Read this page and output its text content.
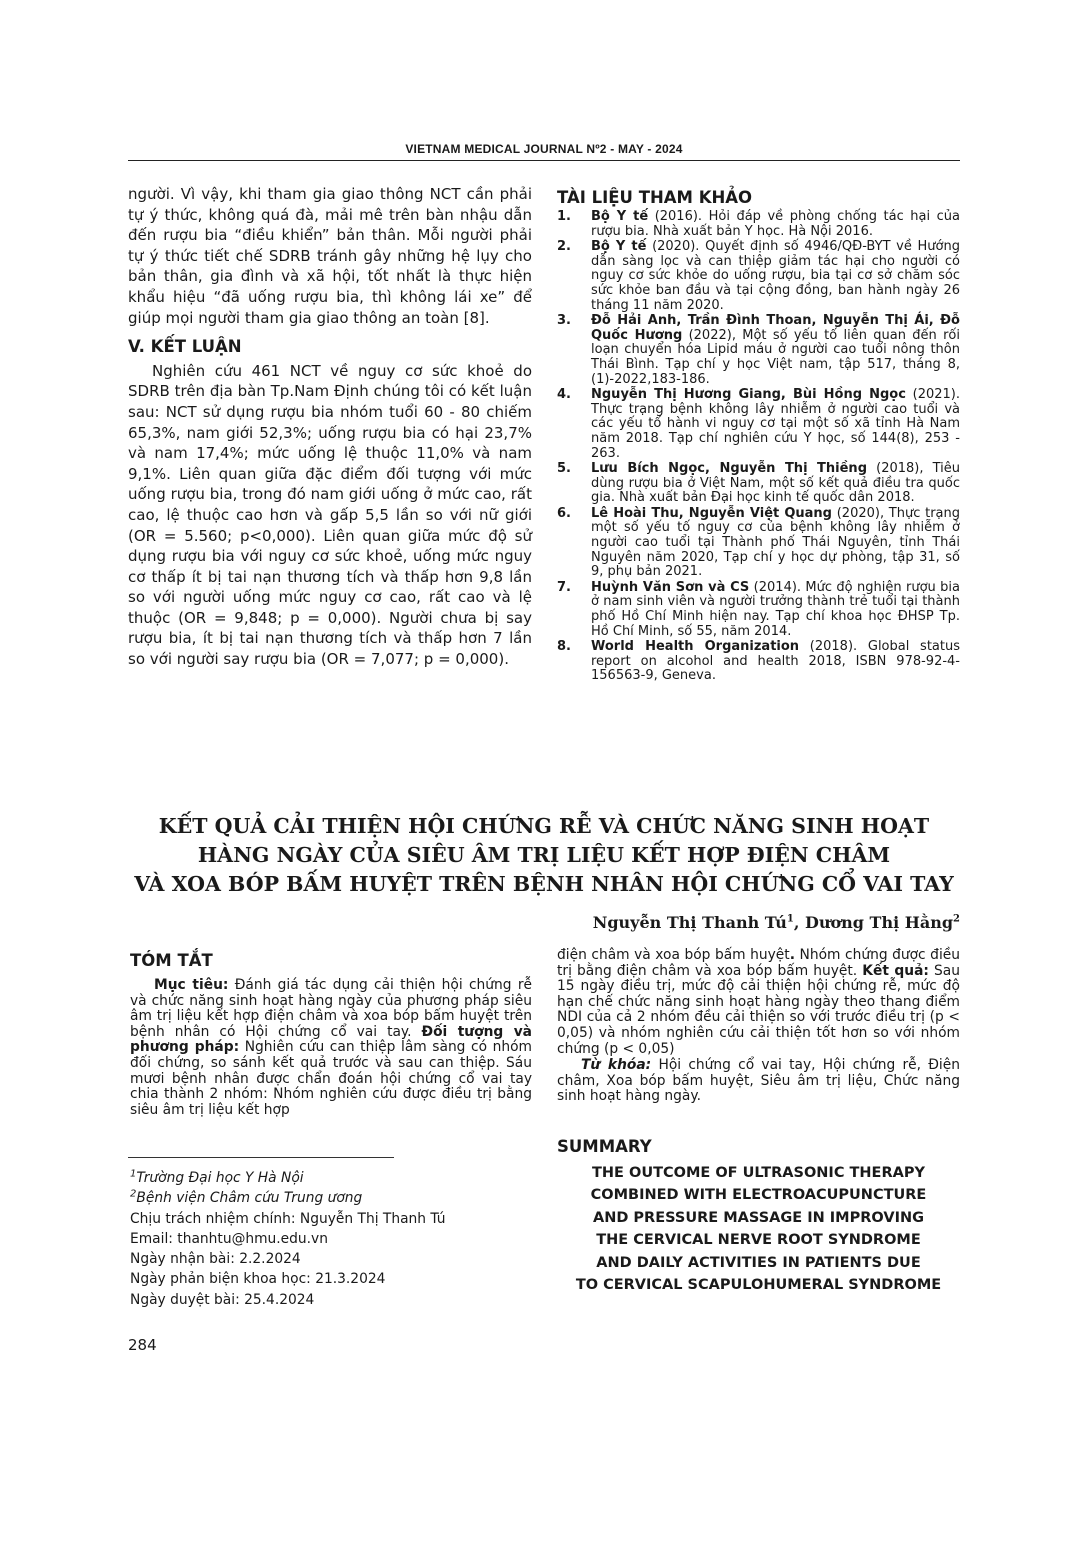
VIETNAM MEDICAL JOURNAL Nº2 - MAY - 2024

người. Vì vậy, khi tham gia giao thông NCT cần phải tự ý thức, không quá đà, mải mê trên bàn nhậu dẫn đến rượu bia “điều khiển” bản thân. Mỗi người phải tự ý thức tiết chế SDRB tránh gây những hệ lụy cho bản thân, gia đình và xã hội, tốt nhất là thực hiện khẩu hiệu “đã uống rượu bia, thì không lái xe” để giúp mọi người tham gia giao thông an toàn [8].

V. KẾT LUẬN

Nghiên cứu 461 NCT về nguy cơ sức khoẻ do SDRB trên địa bàn Tp.Nam Định chúng tôi có kết luận sau: NCT sử dụng rượu bia nhóm tuổi 60 - 80 chiếm 65,3%, nam giới 52,3%; uống rượu bia có hại 23,7% và nam 17,4%; mức uống lệ thuộc 11,0% và nam 9,1%. Liên quan giữa đặc điểm đối tượng với mức uống rượu bia, trong đó nam giới uống ở mức cao, rất cao, lệ thuộc cao hơn và gấp 5,5 lần so với nữ giới (OR = 5.560; p<0,000). Liên quan giữa mức độ sử dụng rượu bia với nguy cơ sức khoẻ, uống mức nguy cơ thấp ít bị tai nạn thương tích và thấp hơn 9,8 lần so với người uống mức nguy cơ cao, rất cao và lệ thuộc (OR = 9,848; p = 0,000). Người chưa bị say rượu bia, ít bị tai nạn thương tích và thấp hơn 7 lần so với người say rượu bia (OR = 7,077; p = 0,000).

TÀI LIỆU THAM KHẢO
1. Bộ Y tế (2016). Hỏi đáp về phòng chống tác hại của rượu bia. Nhà xuất bản Y học. Hà Nội 2016.
2. Bộ Y tế (2020). Quyết định số 4946/QĐ-BYT về Hướng dẫn sàng lọc và can thiệp giảm tác hại cho người có nguy cơ sức khỏe do uống rượu, bia tại cơ sở chăm sóc sức khỏe ban đầu và tại cộng đồng, ban hành ngày 26 tháng 11 năm 2020.
3. Đỗ Hải Anh, Trần Đình Thoan, Nguyễn Thị Ái, Đỗ Quốc Hương (2022), Một số yếu tố liên quan đến rối loạn chuyển hóa Lipid máu ở người cao tuổi nông thôn Thái Bình. Tạp chí y học Việt nam, tập 517, tháng 8, (1)-2022,183-186.
4. Nguyễn Thị Hương Giang, Bùi Hồng Ngọc (2021). Thực trạng bệnh không lây nhiễm ở người cao tuổi và các yếu tố hành vi nguy cơ tại một số xã tỉnh Hà Nam năm 2018. Tạp chí nghiên cứu Y học, số 144(8), 253 - 263.
5. Lưu Bích Ngọc, Nguyễn Thị Thiềng (2018), Tiêu dùng rượu bia ở Việt Nam, một số kết quả điều tra quốc gia. Nhà xuất bản Đại học kinh tế quốc dân 2018.
6. Lê Hoài Thu, Nguyễn Việt Quang (2020), Thực trạng một số yếu tố nguy cơ của bệnh không lây nhiễm ở người cao tuổi tại Thành phố Thái Nguyên, tỉnh Thái Nguyên năm 2020, Tạp chí y học dự phòng, tập 31, số 9, phụ bản 2021.
7. Huỳnh Văn Sơn và CS (2014). Mức độ nghiện rượu bia ở nam sinh viên và người trưởng thành trẻ tuổi tại thành phố Hồ Chí Minh hiện nay. Tạp chí khoa học ĐHSP Tp. Hồ Chí Minh, số 55, năm 2014.
8. World Health Organization (2018). Global status report on alcohol and health 2018, ISBN 978-92-4-156563-9, Geneva.
KẾT QUẢ CẢI THIỆN HỘI CHỨNG RỄ VÀ CHỨC NĂNG SINH HOẠT
HÀNG NGÀY CỦA SIÊU ÂM TRỊ LIỆU KẾT HỢP ĐIỆN CHÂM
VÀ XOA BÓP BẤM HUYỆT TRÊN BỆNH NHÂN HỘI CHỨNG CỔ VAI TAY
Nguyễn Thị Thanh $Tú^1$, Dương Thị Hằng$^2$
TÓM TẮT

Mục tiêu: Đánh giá tác dụng cải thiện hội chứng rễ và chức năng sinh hoạt hàng ngày của phương pháp siêu âm trị liệu kết hợp điện châm và xoa bóp bấm huyệt trên bệnh nhân có Hội chứng cổ vai tay. Đối tượng và phương pháp: Nghiên cứu can thiệp lâm sàng có nhóm đối chứng, so sánh kết quả trước và sau can thiệp. Sáu mươi bệnh nhân được chẩn đoán hội chứng cổ vai tay chia thành 2 nhóm: Nhóm nghiên cứu được điều trị bằng siêu âm trị liệu kết hợp

điện châm và xoa bóp bấm huyệt. Nhóm chứng được điều trị bằng điện châm và xoa bóp bấm huyệt. Kết quả: Sau 15 ngày điều trị, mức độ cải thiện hội chứng rễ, mức độ hạn chế chức năng sinh hoạt hàng ngày theo thang điểm NDI của cả 2 nhóm đều cải thiện so với trước điều trị (p < 0,05) và nhóm nghiên cứu cải thiện tốt hơn so với nhóm chứng (p < 0,05)

Từ khóa: Hội chứng cổ vai tay, Hội chứng rễ, Điện châm, Xoa bóp bấm huyệt, Siêu âm trị liệu, Chức năng sinh hoạt hàng ngày.

$^1$Trường Đại học Y Hà Nội
$^2$Bệnh viện Châm cứu Trung ương
Chịu trách nhiệm chính: Nguyễn Thị Thanh Tú
Email: thanhtu@hmu.edu.vn
Ngày nhận bài: 2.2.2024
Ngày phản biện khoa học: 21.3.2024
Ngày duyệt bài: 25.4.2024
SUMMARY
THE OUTCOME OF ULTRASONIC THERAPY
COMBINED WITH ELECTROACUPUNCTURE
AND PRESSURE MASSAGE IN IMPROVING
THE CERVICAL NERVE ROOT SYNDROME
AND DAILY ACTIVITIES IN PATIENTS DUE
TO CERVICAL SCAPULOHUMERAL SYNDROME
284
